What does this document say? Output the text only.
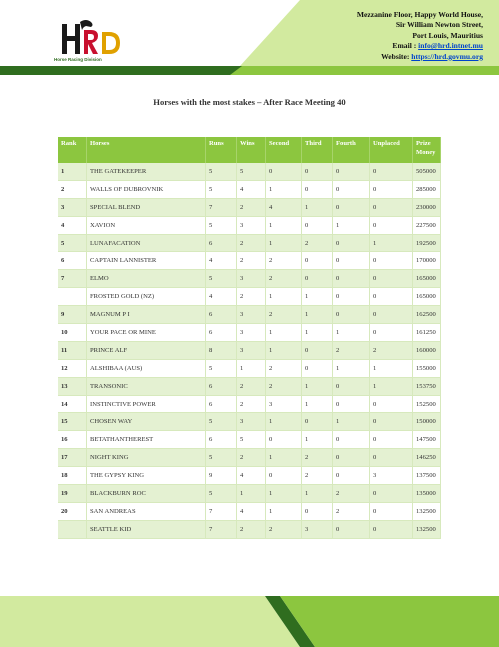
Horse Racing Division
Mezzanine Floor, Happy World House,
Sir William Newton Street,
Port Louis, Mauritius
Email : info@hrd.intnet.mu
Website: https://hrd.govmu.org
Horses with the most stakes – After Race Meeting 40
Rank	Horses	Runs	Wins	Second	Third	Fourth	Unplaced	Prize
Money
1	THE GATEKEEPER	5	5	0	0	0	0	505000
2	WALLS OF DUBROVNIK	5	4	1	0	0	0	285000
3	SPECIAL BLEND	7	2	4	1	0	0	230000
4	XAVION	5	3	1	0	1	0	227500
5	LUNAFACATION	6	2	1	2	0	1	192500
6	CAPTAIN LANNISTER	4	2	2	0	0	0	170000
7	ELMO	5	3	2	0	0	0	165000
	FROSTED GOLD (NZ)	4	2	1	1	0	0	165000
9	MAGNUM P I	6	3	2	1	0	0	162500
10	YOUR PACE OR MINE	6	3	1	1	1	0	161250
11	PRINCE ALF	8	3	1	0	2	2	160000
12	ALSHIBAA (AUS)	5	1	2	0	1	1	155000
13	TRANSONIC	6	2	2	1	0	1	153750
14	INSTINCTIVE POWER	6	2	3	1	0	0	152500
15	CHOSEN WAY	5	3	1	0	1	0	150000
16	BETATHANTHEREST	6	5	0	1	0	0	147500
17	NIGHT KING	5	2	1	2	0	0	146250
18	THE GYPSY KING	9	4	0	2	0	3	137500
19	BLACKBURN ROC	5	1	1	1	2	0	135000
20	SAN ANDREAS	7	4	1	0	2	0	132500
	SEATTLE KID	7	2	2	3	0	0	132500
